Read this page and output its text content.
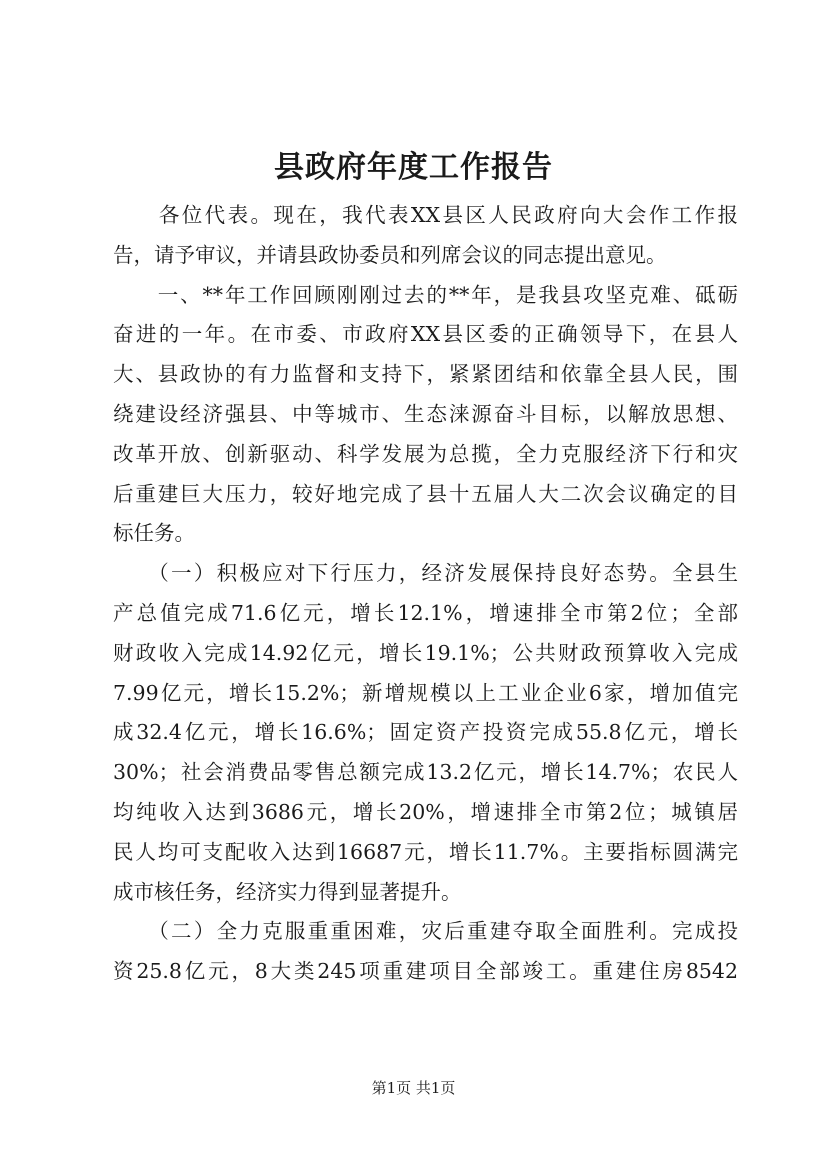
县政府年度工作报告
　　各位代表。现在，我代表XX县区人民政府向大会作工作报
告，请予审议，并请县政协委员和列席会议的同志提出意见。
　　一、**年工作回顾刚刚过去的**年，是我县攻坚克难、砥砺
奋进的一年。在市委、市政府XX县区委的正确领导下，在县人
大、县政协的有力监督和支持下，紧紧团结和依靠全县人民，围
绕建设经济强县、中等城市、生态涞源奋斗目标，以解放思想、
改革开放、创新驱动、科学发展为总揽，全力克服经济下行和灾
后重建巨大压力，较好地完成了县十五届人大二次会议确定的目
标任务。
　　（一）积极应对下行压力，经济发展保持良好态势。全县生
产总值完成71.6亿元，增长12.1%，增速排全市第2位；全部
财政收入完成14.92亿元，增长19.1%；公共财政预算收入完成
7.99亿元，增长15.2%；新增规模以上工业企业6家，增加值完
成32.4亿元，增长16.6%；固定资产投资完成55.8亿元，增长
30%；社会消费品零售总额完成13.2亿元，增长14.7%；农民人
均纯收入达到3686元，增长20%，增速排全市第2位；城镇居
民人均可支配收入达到16687元，增长11.7%。主要指标圆满完
成市核任务，经济实力得到显著提升。
　　（二）全力克服重重困难，灾后重建夺取全面胜利。完成投
资25.8亿元，8大类245项重建项目全部竣工。重建住房8542
第1页 共1页
